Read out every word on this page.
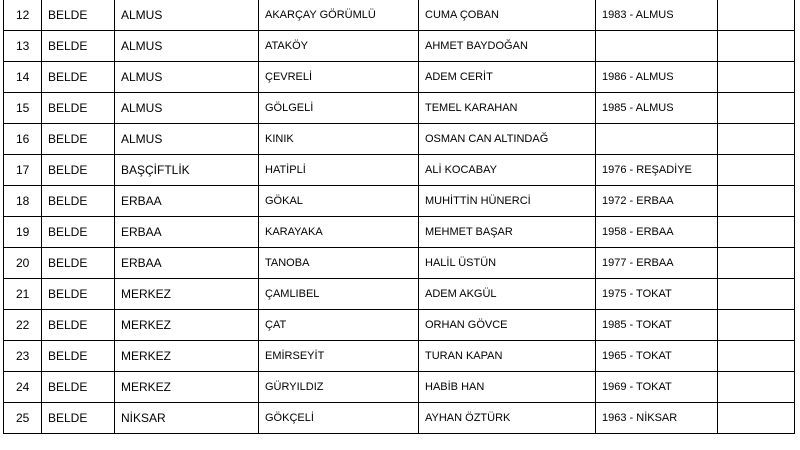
12	BELDE	ALMUS	AKARÇAY GÖRÜMLÜ	CUMA ÇOBAN	1983 - ALMUS	
13	BELDE	ALMUS	ATAKÖY	AHMET BAYDOĞAN		
14	BELDE	ALMUS	ÇEVRELİ	ADEM CERİT	1986 - ALMUS	
15	BELDE	ALMUS	GÖLGELİ	TEMEL KARAHAN	1985 - ALMUS	
16	BELDE	ALMUS	KINIK	OSMAN CAN ALTINDAĞ		
17	BELDE	BAŞÇİFTLİK	HATİPLİ	ALİ KOCABAY	1976 - REŞADİYE	
18	BELDE	ERBAA	GÖKAL	MUHİTTİN HÜNERCİ	1972 - ERBAA	
19	BELDE	ERBAA	KARAYAKA	MEHMET BAŞAR	1958 - ERBAA	
20	BELDE	ERBAA	TANOBA	HALİL ÜSTÜN	1977 - ERBAA	
21	BELDE	MERKEZ	ÇAMLIBEL	ADEM AKGÜL	1975 - TOKAT	
22	BELDE	MERKEZ	ÇAT	ORHAN GÖVCE	1985 - TOKAT	
23	BELDE	MERKEZ	EMİRSEYİT	TURAN KAPAN	1965 - TOKAT	
24	BELDE	MERKEZ	GÜRYILDIZ	HABİB HAN	1969 - TOKAT	
25	BELDE	NİKSAR	GÖKÇELİ	AYHAN ÖZTÜRK	1963 - NİKSAR	
